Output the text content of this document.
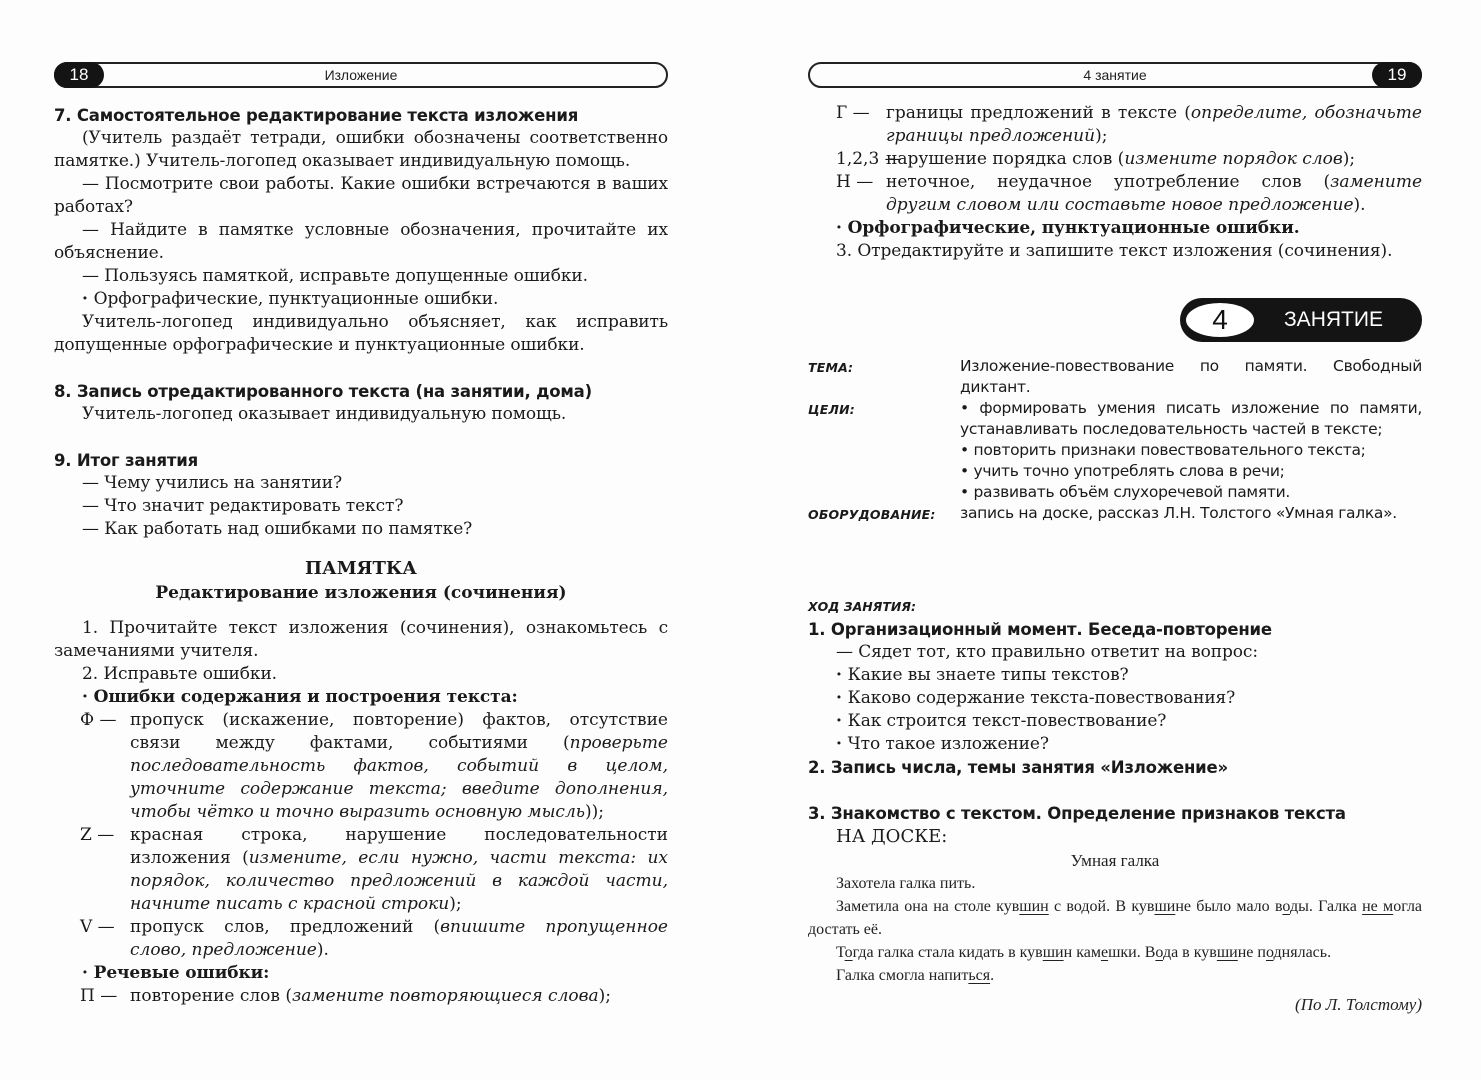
18	Изложение
7. Самостоятельное редактирование текста изложения

(Учитель раздаёт тетради, ошибки обозначены соответственно памятке.) Учитель-логопед оказывает индивидуальную помощь.

— Посмотрите свои работы. Какие ошибки встречаются в ваших работах?

— Найдите в памятке условные обозначения, прочитайте их объяснение.

— Пользуясь памяткой, исправьте допущенные ошибки.

· Орфографические, пунктуационные ошибки.

Учитель-логопед индивидуально объясняет, как исправить допущенные орфографические и пунктуационные ошибки.

8. Запись отредактированного текста (на занятии, дома)

Учитель-логопед оказывает индивидуальную помощь.

9. Итог занятия

— Чему учились на занятии?

— Что значит редактировать текст?

— Как работать над ошибками по памятке?

ПАМЯТКА
Редактирование изложения (сочинения)

1. Прочитайте текст изложения (сочинения), ознакомьтесь с замечаниями учителя.

2. Исправьте ошибки.

· Ошибки содержания и построения текста:

Ф — пропуск (искажение, повторение) фактов, отсутствие связи между фактами, событиями (проверьте последовательность фактов, событий в целом, уточните содержание текста; введите дополнения, чтобы чётко и точно выразить основную мысль));
Z — красная строка, нарушение последовательности изложения (измените, если нужно, части текста: их порядок, количество предложений в каждой части, начните писать с красной строки);
V — пропуск слов, предложений (впишите пропущенное слово, предложение).

· Речевые ошибки:

П — повторение слов (замените повторяющиеся слова);
4 занятие	19
Г — границы предложений в тексте (определите, обозначьте границы предложений);
1,2,3 —
нарушение порядка слов (измените порядок слов);
Н — неточное, неудачное употребление слов (замените другим словом или составьте новое предложение).

· Орфографические, пунктуационные ошибки.

3. Отредактируйте и запишите текст изложения (сочинения).

4	ЗАНЯТИЕ
ТЕМА:	Изложение-повествование по памяти. Свободный диктант.
ЦЕЛИ:	• формировать умения писать изложение по памяти, устанавливать последовательность частей в тексте;
• повторить признаки повествовательного текста;
• учить точно употреблять слова в речи;
• развивать объём слухоречевой памяти.
ОБОРУДОВАНИЕ:	запись на доске, рассказ Л.Н. Толстого «Умная галка».
ХОД ЗАНЯТИЯ:
1. Организационный момент. Беседа-повторение

— Сядет тот, кто правильно ответит на вопрос:

· Какие вы знаете типы текстов?

· Каково содержание текста-повествования?

· Как строится текст-повествование?

· Что такое изложение?

2. Запись числа, темы занятия «Изложение»
3. Знакомство с текстом. Определение признаков текста
НА ДОСКЕ:
Умная галка
Захотела галка пить.
Заметила она на столе кувшин с водой. В кувшине было мало воды. Галка не могла достать её.
Тогда галка стала кидать в кувшин камешки. Вода в кувшине поднялась.
Галка смогла напиться.
(По Л. Толстому)
